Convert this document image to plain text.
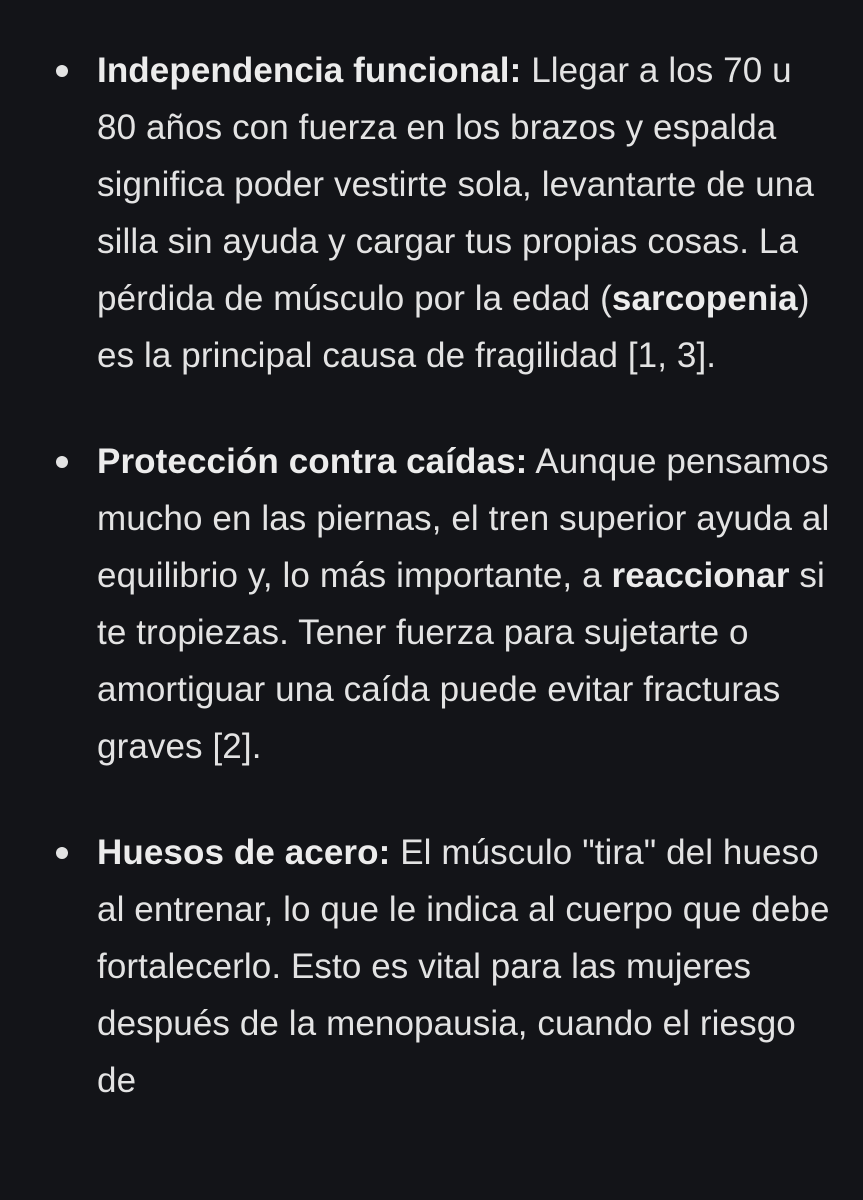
Independencia funcional: Llegar a los 70 u 80 años con fuerza en los brazos y espalda significa poder vestirte sola, levantarte de una silla sin ayuda y cargar tus propias cosas. La pérdida de músculo por la edad (sarcopenia) es la principal causa de fragilidad [1, 3].
Protección contra caídas: Aunque pensamos mucho en las piernas, el tren superior ayuda al equilibrio y, lo más importante, a reaccionar si te tropiezas. Tener fuerza para sujetarte o amortiguar una caída puede evitar fracturas graves [2].
Huesos de acero: El músculo "tira" del hueso al entrenar, lo que le indica al cuerpo que debe fortalecerlo. Esto es vital para las mujeres después de la menopausia, cuando el riesgo de
